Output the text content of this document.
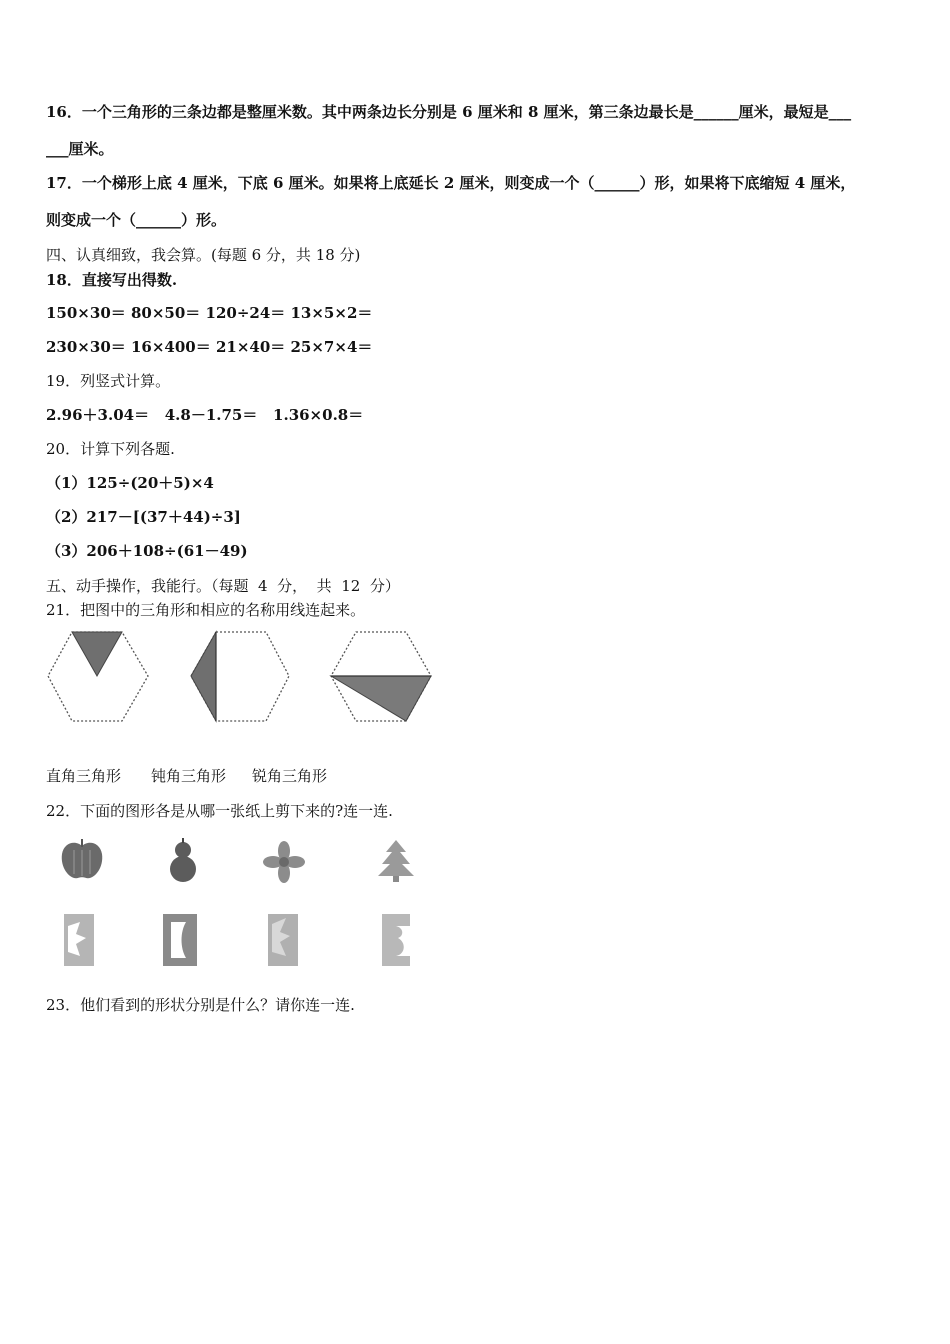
16．一个三角形的三条边都是整厘米数。其中两条边长分别是 6 厘米和 8 厘米，第三条边最长是______厘米，最短是___
___厘米。
17．一个梯形上底 4 厘米，下底 6 厘米。如果将上底延长 2 厘米，则变成一个（______）形，如果将下底缩短 4 厘米，
则变成一个（______）形。
四、认真细致，我会算。(每题 6 分，共 18 分)
18．直接写出得数.
150×30＝ 80×50＝ 120÷24＝ 13×5×2＝
230×30＝ 16×400＝ 21×40＝ 25×7×4＝
19．列竖式计算。
2.96＋3.04＝   4.8－1.75＝   1.36×0.8＝
20．计算下列各题.
（1）125÷(20＋5)×4
（2）217－[(37＋44)÷3]
（3）206＋108÷(61－49)
五、动手操作，我能行。（每题  4  分，  共  12  分）
21．把图中的三角形和相应的名称用线连起来。
直角三角形 钝角三角形 锐角三角形
22．下面的图形各是从哪一张纸上剪下来的?连一连.
23．他们看到的形状分别是什么？请你连一连.
